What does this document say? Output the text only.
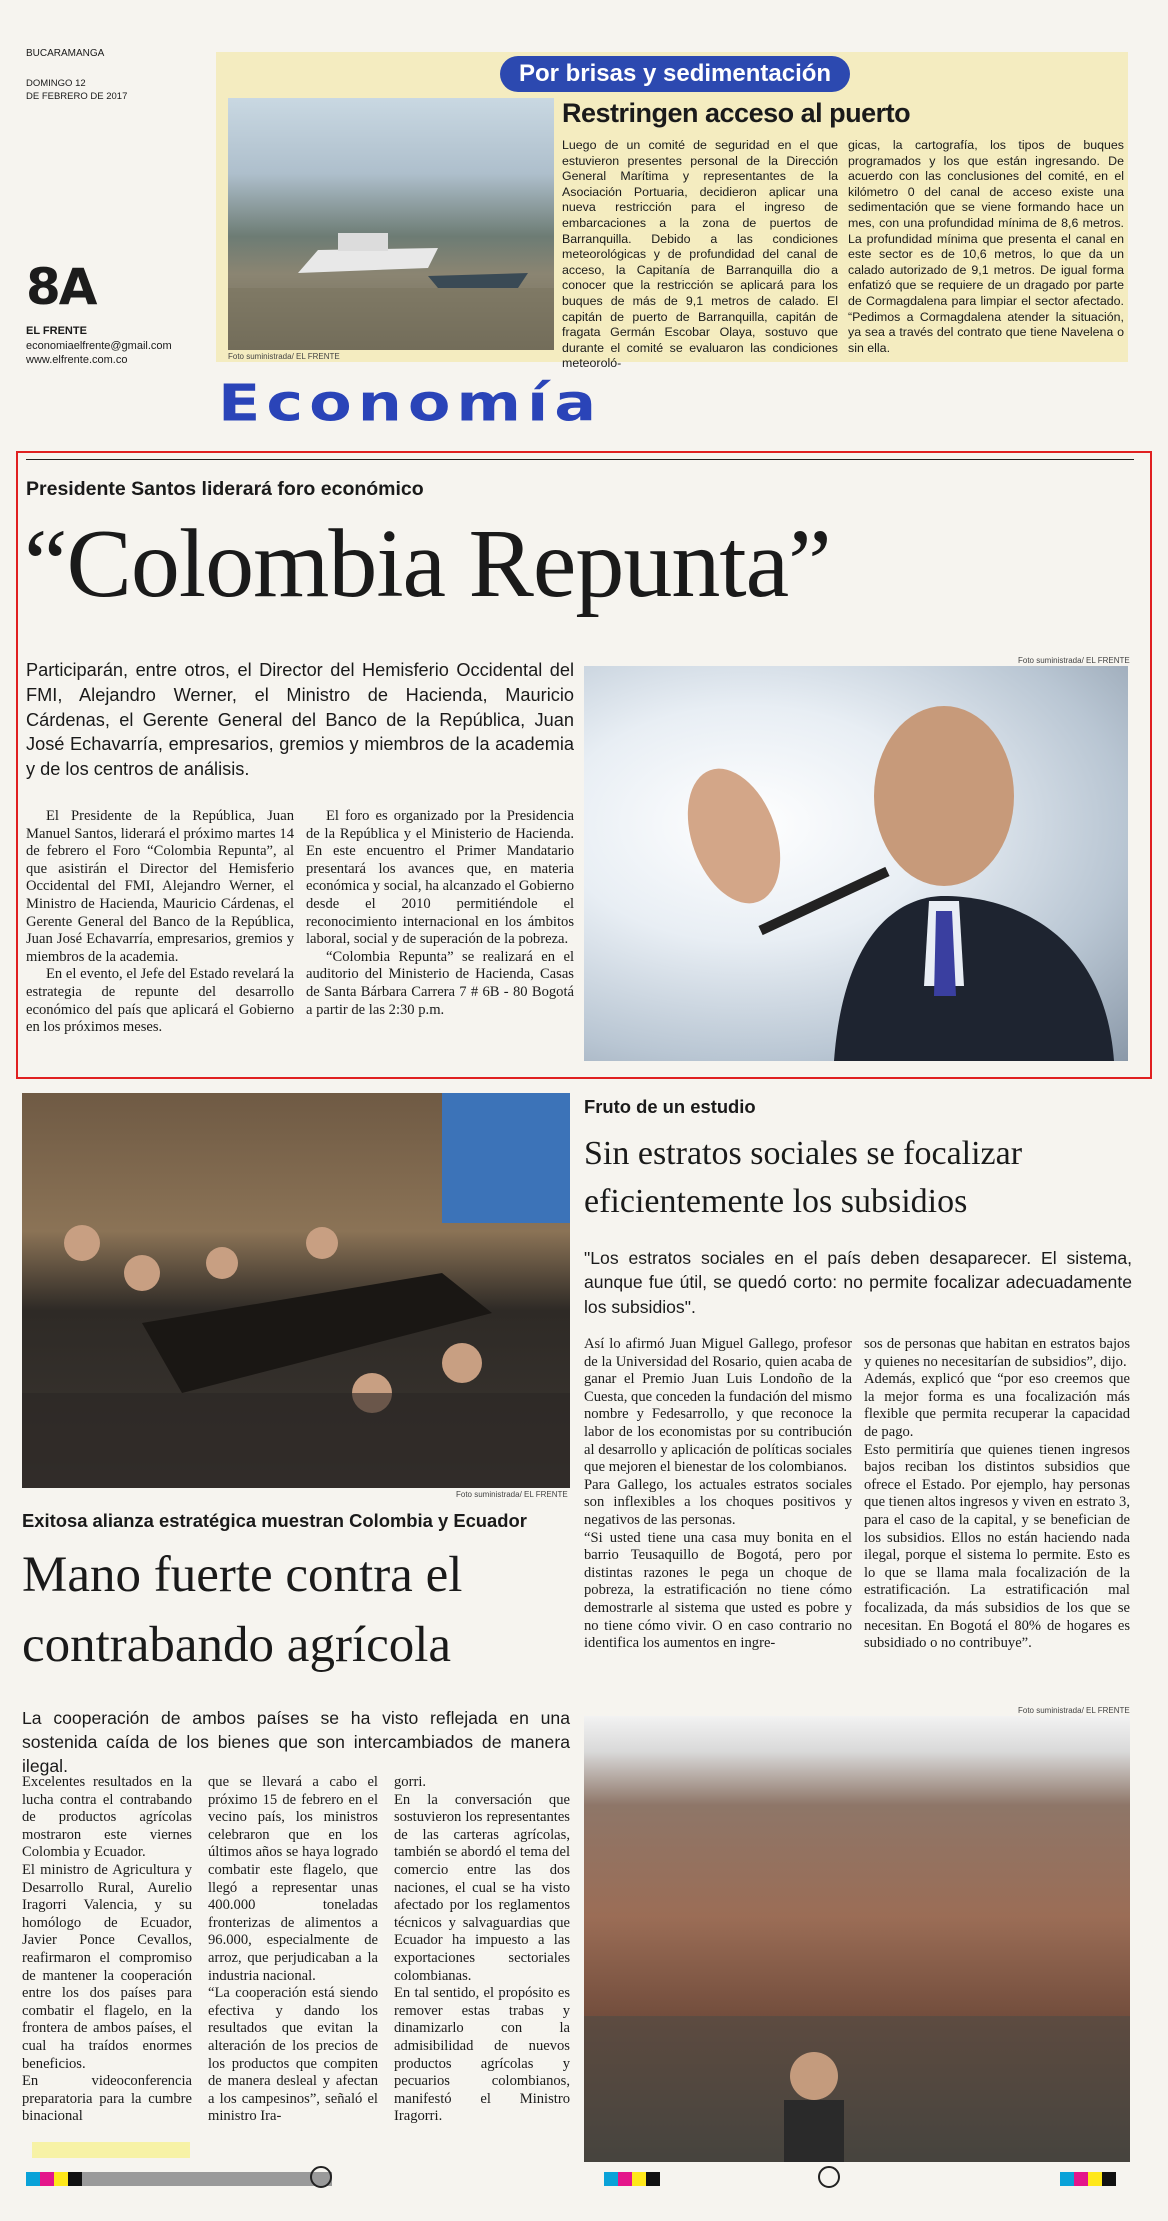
BUCARAMANGA
DOMINGO 12
DE FEBRERO DE 2017
8A
EL FRENTE
economiaelfrente@gmail.com
www.elfrente.com.co	Foto suministrada/ EL FRENTE
Por brisas y sedimentación
Restringen acceso al puerto
Luego de un comité de seguridad en el que estuvieron presentes personal de la Dirección General Marítima y representantes de la Asociación Portuaria, decidieron aplicar una nueva restricción para el ingreso de embarcaciones a la zona de puertos de Barranquilla. Debido a las condiciones meteorológicas y de profundidad del canal de acceso, la Capitanía de Barranquilla dio a conocer que la restricción se aplicará para los buques de más de 9,1 metros de calado. El capitán de puerto de Barranquilla, capitán de fragata Germán Escobar Olaya, sostuvo que durante el comité se evaluaron las condiciones meteoroló-
gicas, la cartografía, los tipos de buques programados y los que están ingresando. De acuerdo con las conclusiones del comité, en el kilómetro 0 del canal de acceso existe una sedimentación que se viene formando hace un mes, con una profundidad mínima de 8,6 metros. La profundidad mínima que presenta el canal en este sector es de 10,6 metros, lo que da un calado autorizado de 9,1 metros. De igual forma enfatizó que se requiere de un dragado por parte de Cormagdalena para limpiar el sector afectado. “Pedimos a Cormagdalena atender la situación, ya sea a través del contrato que tiene Navelena o sin ella.
Economía
Presidente Santos liderará foro económico
“Colombia Repunta”
Participarán, entre otros, el Director del Hemisferio Occidental del FMI, Alejandro Werner, el Ministro de Hacienda, Mauricio Cárdenas, el Gerente General del Banco de la República, Juan José Echavarría, empresarios, gremios y miembros de la academia y de los centros de análisis.

El Presidente de la República, Juan Manuel Santos, liderará el próximo martes 14 de febrero el Foro “Colombia Repunta”, al que asistirán el Director del Hemisferio Occidental del FMI, Alejandro Werner, el Ministro de Hacienda, Mauricio Cárdenas, el Gerente General del Banco de la República, Juan José Echavarría, empresarios, gremios y miembros de la academia.

En el evento, el Jefe del Estado revelará la estrategia de repunte del desarrollo económico del país que aplicará el Gobierno en los próximos meses.

El foro es organizado por la Presidencia de la República y el Ministerio de Hacienda. En este encuentro el Primer Mandatario presentará los avances que, en materia económica y social, ha alcanzado el Gobierno desde el 2010 permitiéndole el reconocimiento internacional en los ámbitos laboral, social y de superación de la pobreza.

“Colombia Repunta” se realizará en el auditorio del Ministerio de Hacienda, Casas de Santa Bárbara Carrera 7 # 6B - 80 Bogotá a partir de las 2:30 p.m.

Foto suministrada/ EL FRENTE
Foto suministrada/ EL FRENTE
Exitosa alianza estratégica muestran Colombia y Ecuador
Mano fuerte contra el contrabando agrícola
La cooperación de ambos países se ha visto reflejada en una sostenida caída de los bienes que son intercambiados de manera ilegal.
Excelentes resultados en la lucha contra el contrabando de productos agrícolas mostraron este viernes Colombia y Ecuador.
El ministro de Agricultura y Desarrollo Rural, Aurelio Iragorri Valencia, y su homólogo de Ecuador, Javier Ponce Cevallos, reafirmaron el compromiso de mantener la cooperación entre los dos países para combatir el flagelo, en la frontera de ambos países, el cual ha traídos enormes beneficios.
En videoconferencia preparatoria para la cumbre binacional
que se llevará a cabo el próximo 15 de febrero en el vecino país, los ministros celebraron que en los últimos años se haya logrado combatir este flagelo, que llegó a representar unas 400.000 toneladas fronterizas de alimentos a 96.000, especialmente de arroz, que perjudicaban a la industria nacional.
“La cooperación está siendo efectiva y dando los resultados que evitan la alteración de los precios de los productos que compiten de manera desleal y afectan a los campesinos”, señaló el ministro Ira-
gorri.
En la conversación que sostuvieron los representantes de las carteras agrícolas, también se abordó el tema del comercio entre las dos naciones, el cual se ha visto afectado por los reglamentos técnicos y salvaguardias que Ecuador ha impuesto a las exportaciones sectoriales colombianas.
En tal sentido, el propósito es remover estas trabas y dinamizarlo con la admisibilidad de nuevos productos agrícolas y pecuarios colombianos, manifestó el Ministro Iragorri.
Fruto de un estudio
Sin estratos sociales se focalizar eficientemente los subsidios
"Los estratos sociales en el país deben desaparecer. El sistema, aunque fue útil, se quedó corto: no permite focalizar adecuadamente los subsidios".
Así lo afirmó Juan Miguel Gallego, profesor de la Universidad del Rosario, quien acaba de ganar el Premio Juan Luis Londoño de la Cuesta, que conceden la fundación del mismo nombre y Fedesarrollo, y que reconoce la labor de los economistas por su contribución al desarrollo y aplicación de políticas sociales que mejoren el bienestar de los colombianos.
Para Gallego, los actuales estratos sociales son inflexibles a los choques positivos y negativos de las personas.
“Si usted tiene una casa muy bonita en el barrio Teusaquillo de Bogotá, pero por distintas razones le pega un choque de pobreza, la estratificación no tiene cómo demostrarle al sistema que usted es pobre y no tiene cómo vivir. O en caso contrario no identifica los aumentos en ingre-
sos de personas que habitan en estratos bajos y quienes no necesitarían de subsidios”, dijo.
Además, explicó que “por eso creemos que la mejor forma es una focalización más flexible que permita recuperar la capacidad de pago.
Esto permitiría que quienes tienen ingresos bajos reciban los distintos subsidios que ofrece el Estado. Por ejemplo, hay personas que tienen altos ingresos y viven en estrato 3, para el caso de la capital, y se benefician de los subsidios. Ellos no están haciendo nada ilegal, porque el sistema lo permite. Esto es lo que se llama mala focalización de la estratificación. La estratificación mal focalizada, da más subsidios de los que se necesitan. En Bogotá el 80% de hogares es subsidiado o no contribuye”.
Foto suministrada/ EL FRENTE
